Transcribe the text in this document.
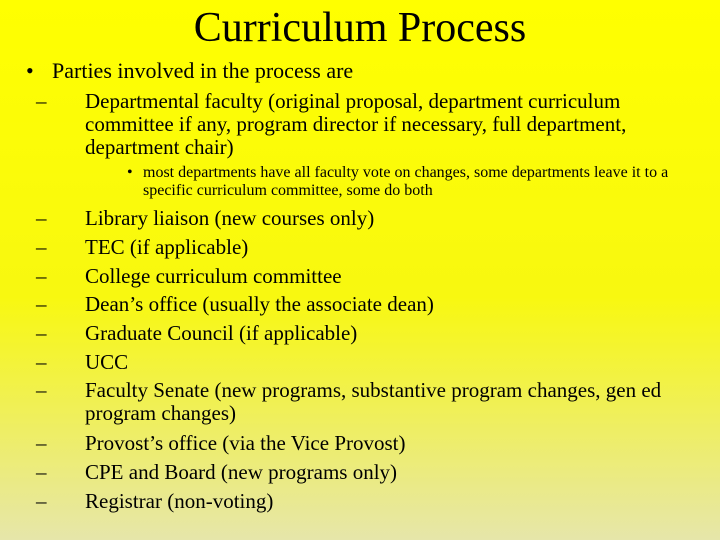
Curriculum Process
• Parties involved in the process are
–	Departmental faculty (original proposal, department curriculum committee if any, program director if necessary, full department, department chair)
• most departments have all faculty vote on changes, some departments leave it to a specific curriculum committee, some do both
–	Library liaison (new courses only)
–	TEC (if applicable)
–	College curriculum committee
–	Dean’s office (usually the associate dean)
–	Graduate Council (if applicable)
–	UCC
–	Faculty Senate (new programs, substantive program changes, gen ed program changes)
–	Provost’s office (via the Vice Provost)
–	CPE and Board (new programs only)
–	Registrar (non-voting)
